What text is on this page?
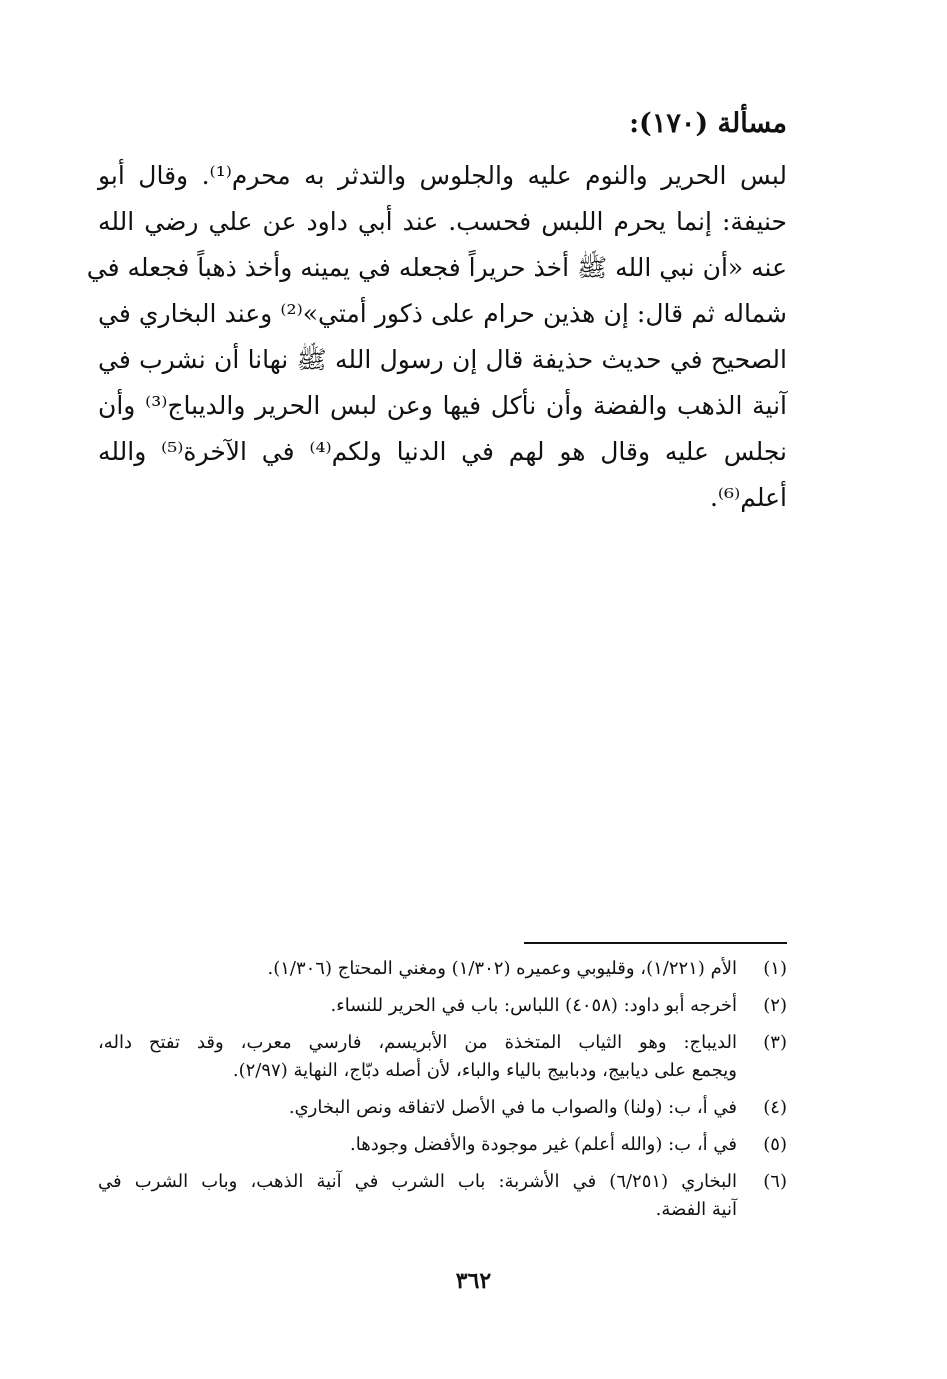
مسألة (١٧٠):
لبس الحرير والنوم عليه والجلوس والتدثر به محرم⁽¹⁾. وقال أبو
حنيفة: إنما يحرم اللبس فحسب. عند أبي داود عن علي رضي الله
عنه «أن نبي الله ﷺ أخذ حريراً فجعله في يمينه وأخذ ذهباً فجعله في
شماله ثم قال: إن هذين حرام على ذكور أمتي»⁽²⁾ وعند البخاري في
الصحيح في حديث حذيفة قال إن رسول الله ﷺ نهانا أن نشرب في
آنية الذهب والفضة وأن نأكل فيها وعن لبس الحرير والديباج⁽³⁾ وأن
نجلس عليه وقال هو لهم في الدنيا ولكم⁽⁴⁾ في الآخرة⁽⁵⁾ والله
أعلم⁽⁶⁾.
(١)
الأم (١/٢٢١)، وقليوبي وعميره (١/٣٠٢) ومغني المحتاج (١/٣٠٦).
(٢)
أخرجه أبو داود: (٤٠٥٨) اللباس: باب في الحرير للنساء.
(٣)
الديباج: وهو الثياب المتخذة من الأبريسم، فارسي معرب، وقد تفتح داله،
ويجمع على ديابيج، ودبابيج بالياء والباء، لأن أصله دبّاج، النهاية (٢/٩٧).
(٤)
في أ، ب: (ولنا) والصواب ما في الأصل لاتفاقه ونص البخاري.
(٥)
في أ، ب: (والله أعلم) غير موجودة والأفضل وجودها.
(٦)
البخاري (٦/٢٥١) في الأشربة: باب الشرب في آنية الذهب، وباب الشرب في
آنية الفضة.
٣٦٢
